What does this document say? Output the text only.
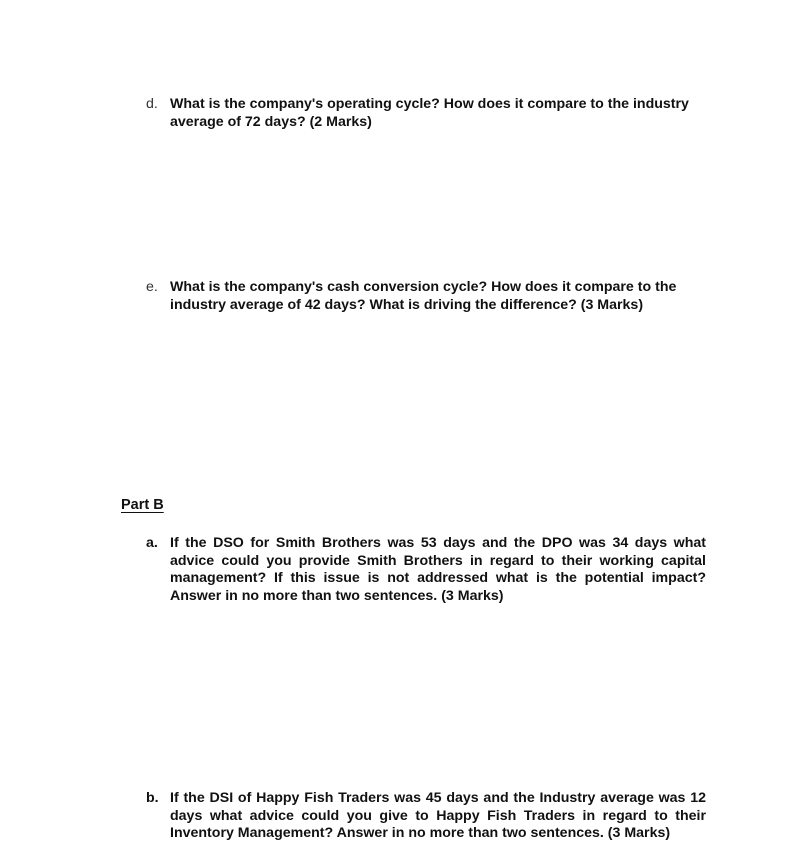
d. What is the company's operating cycle? How does it compare to the industry average of 72 days? (2 Marks)
e. What is the company's cash conversion cycle? How does it compare to the industry average of 42 days? What is driving the difference? (3 Marks)
Part B
a. If the DSO for Smith Brothers was 53 days and the DPO was 34 days what advice could you provide Smith Brothers in regard to their working capital management? If this issue is not addressed what is the potential impact? Answer in no more than two sentences. (3 Marks)
b. If the DSI of Happy Fish Traders was 45 days and the Industry average was 12 days what advice could you give to Happy Fish Traders in regard to their Inventory Management? Answer in no more than two sentences. (3 Marks)
